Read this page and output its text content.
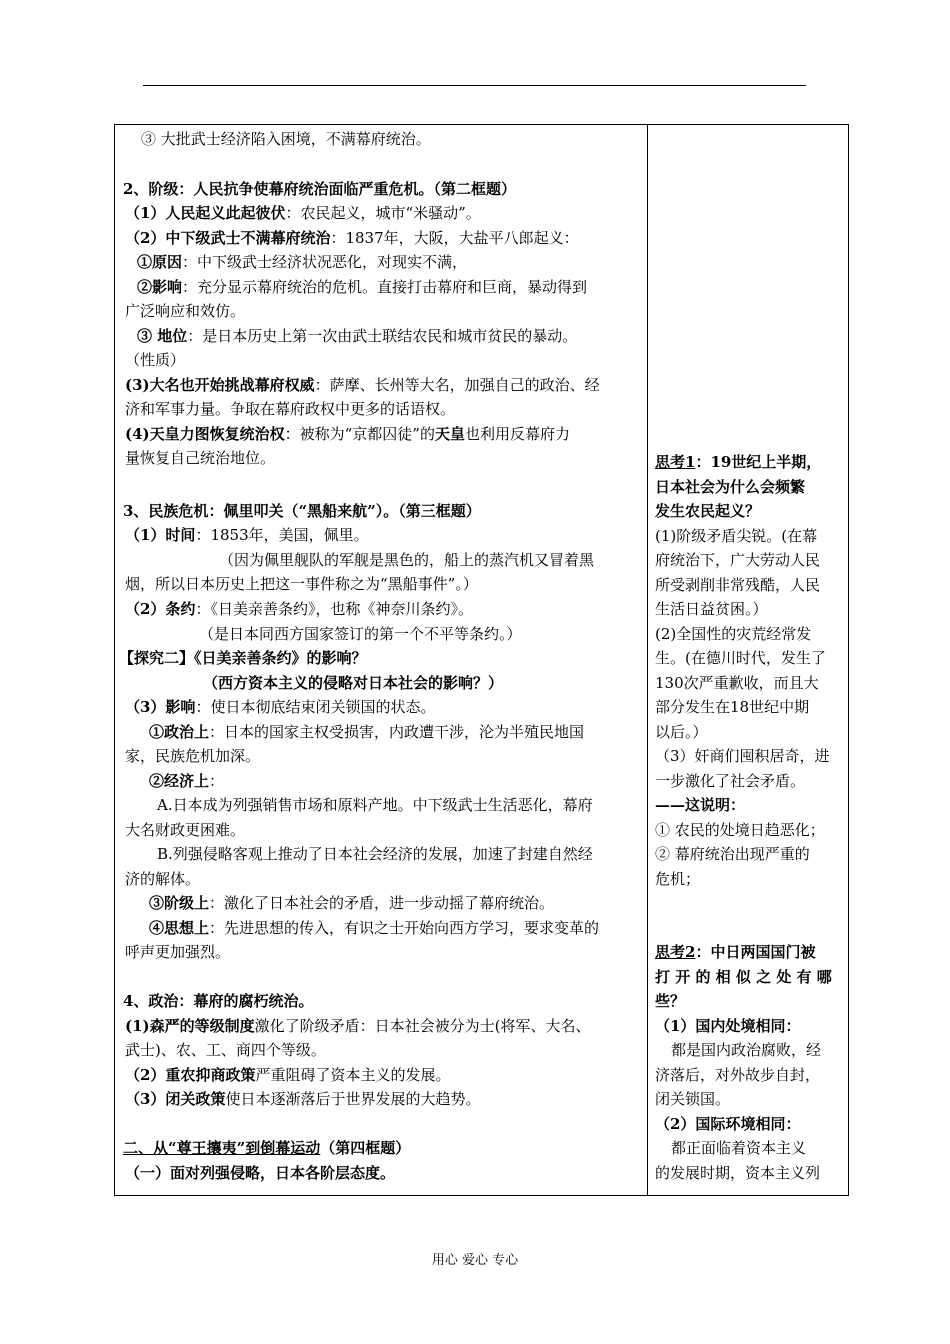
③ 大批武士经济陷入困境，不满幕府统治。
2、阶级：人民抗争使幕府统治面临严重危机。（第二框题）
（1）人民起义此起彼伏：农民起义，城市“米骚动”。
（2）中下级武士不满幕府统治：1837年，大阪，大盐平八郎起义：
①原因：中下级武士经济状况恶化，对现实不满，
②影响：充分显示幕府统治的危机。直接打击幕府和巨商，暴动得到
广泛响应和效仿。
③ 地位：是日本历史上第一次由武士联结农民和城市贫民的暴动。
（性质）
(3)大名也开始挑战幕府权威：萨摩、长州等大名，加强自己的政治、经
济和军事力量。争取在幕府政权中更多的话语权。
(4)天皇力图恢复统治权：被称为“京都囚徒”的天皇也利用反幕府力
量恢复自己统治地位。
3、民族危机：佩里叩关（“黑船来航”）。（第三框题）
（1）时间：1853年，美国，佩里。
（因为佩里舰队的军舰是黑色的，船上的蒸汽机又冒着黑
烟，所以日本历史上把这一事件称之为“黑船事件”。）
（2）条约：《日美亲善条约》，也称《神奈川条约》。
（是日本同西方国家签订的第一个不平等条约。）
【探究二】《日美亲善条约》的影响？
（西方资本主义的侵略对日本社会的影响？）
（3）影响：使日本彻底结束闭关锁国的状态。
①政治上：日本的国家主权受损害，内政遭干涉，沦为半殖民地国
家，民族危机加深。
②经济上：
A.日本成为列强销售市场和原料产地。中下级武士生活恶化，幕府
大名财政更困难。
B.列强侵略客观上推动了日本社会经济的发展，加速了封建自然经
济的解体。
③阶级上：激化了日本社会的矛盾，进一步动摇了幕府统治。
④思想上：先进思想的传入，有识之士开始向西方学习，要求变革的
呼声更加强烈。
4、政治：幕府的腐朽统治。
(1)森严的等级制度激化了阶级矛盾：日本社会被分为士(将军、大名、
武士)、农、工、商四个等级。
（2）重农抑商政策严重阻碍了资本主义的发展。
（3）闭关政策使日本逐渐落后于世界发展的大趋势。
二、从“尊王攘夷”到倒幕运动（第四框题）
（一）面对列强侵略，日本各阶层态度。
思考1：19世纪上半期，
日本社会为什么会频繁
发生农民起义？
(1)阶级矛盾尖锐。(在幕
府统治下，广大劳动人民
所受剥削非常残酷，人民
生活日益贫困。）
(2)全国性的灾荒经常发
生。(在德川时代，发生了
130次严重歉收，而且大
部分发生在18世纪中期
以后。）
（3）奸商们囤积居奇，进
一步激化了社会矛盾。
——这说明：
① 农民的处境日趋恶化；
② 幕府统治出现严重的
危机；
思考2：中日两国国门被
打 开 的 相 似 之 处 有 哪
些？
（1）国内处境相同：
都是国内政治腐败，经
济落后，对外故步自封，
闭关锁国。
（2）国际环境相同：
都正面临着资本主义
的发展时期，资本主义列
用心 爱心 专心
